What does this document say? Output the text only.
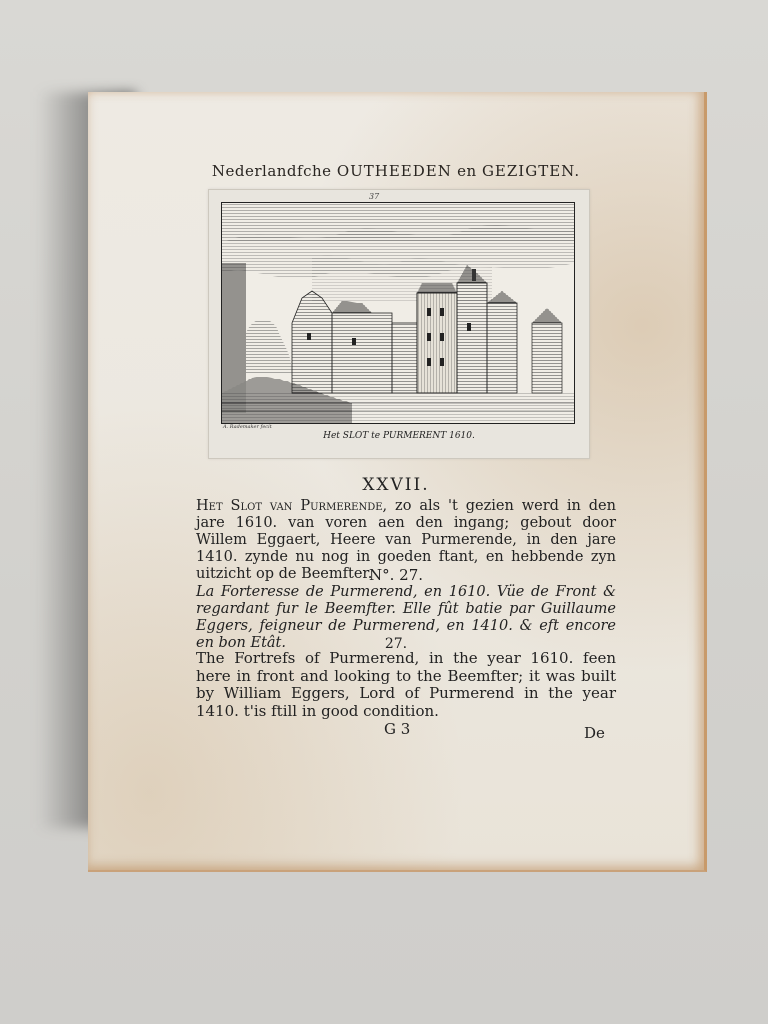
Nederlandfche OUTHEEDEN en GEZIGTEN.
37
A. Rademaker fecit
Het SLOT te PURMERENT 1610.
XXVII.
Het Slot van Purmerende, zo als 't gezien werd in den jare 1610. van voren aen den ingang; gebout door Willem Eggaert, Heere van Purmerende, in den jare 1410. zynde nu nog in goeden ftant, en hebbende zyn uitzicht op de Beemfter.
N°. 27.
La Forteresse de Purmerend, en 1610. Vüe de Front & regardant fur le Beemfter. Elle fût batie par Guillaume Eggers, feigneur de Purmerend, en 1410. & eft encore en bon Etât.	27.
The Fortrefs of Purmerend, in the year 1610. feen here in front and looking to the Beemfter; it was built by William Eggers, Lord of Purmerend in the year 1410. t'is ftill in good condition.
G 3	De
